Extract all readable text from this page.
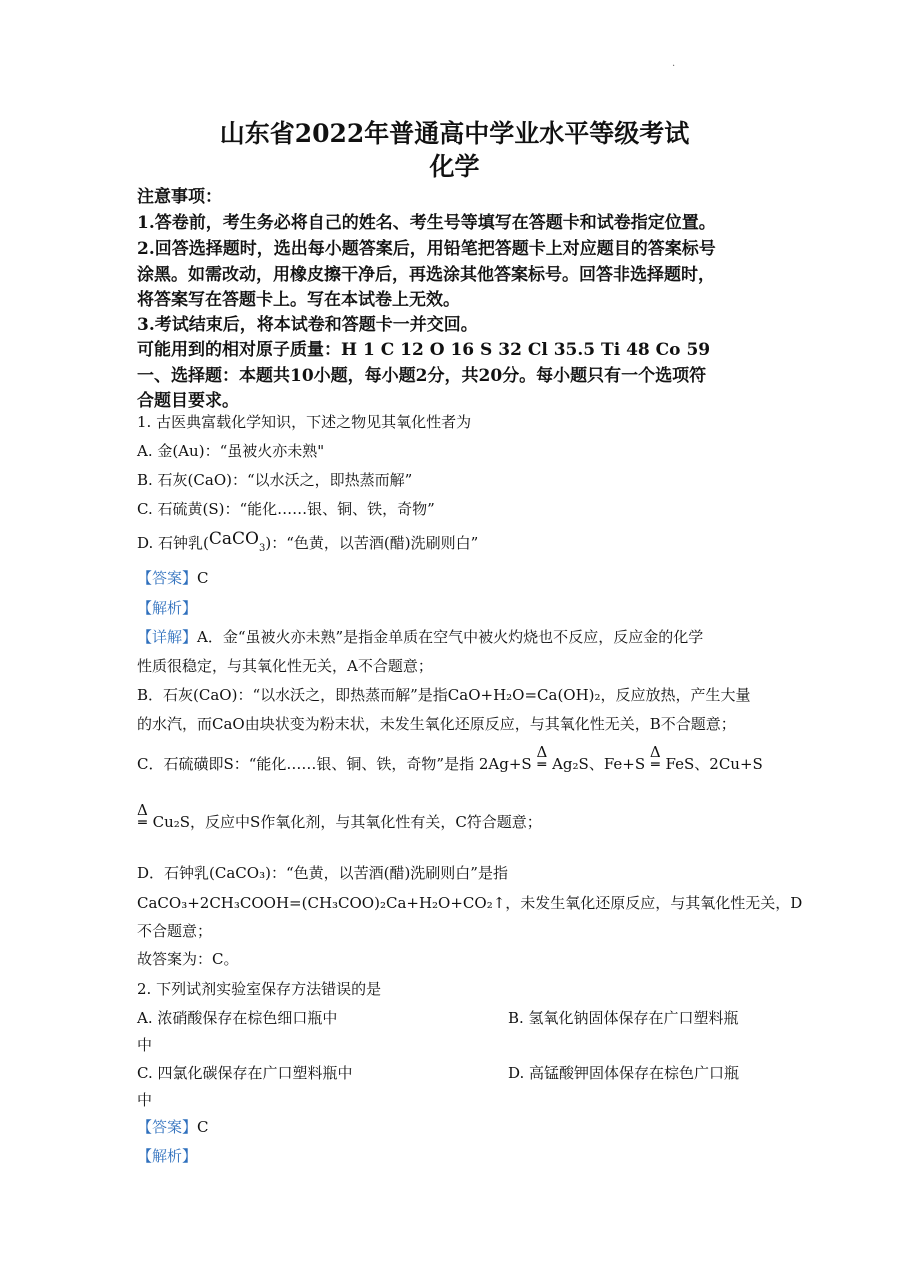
.
山东省2022年普通高中学业水平等级考试
化学
注意事项：
1.答卷前，考生务必将自己的姓名、考生号等填写在答题卡和试卷指定位置。
2.回答选择题时，选出每小题答案后，用铅笔把答题卡上对应题目的答案标号
涂黑。如需改动，用橡皮擦干净后，再选涂其他答案标号。回答非选择题时，
将答案写在答题卡上。写在本试卷上无效。
3.考试结束后，将本试卷和答题卡一并交回。
可能用到的相对原子质量：H 1 C 12 O 16 S 32 Cl 35.5 Ti 48 Co 59
一、选择题：本题共10小题，每小题2分，共20分。每小题只有一个选项符
合题目要求。
1. 古医典富载化学知识，下述之物见其氧化性者为
A. 金(Au)：“虽被火亦未熟"
B. 石灰(CaO)：“以水沃之，即热蒸而解”
C. 石硫黄(S)：“能化……银、铜、铁，奇物”
D. 石钟乳(CaCO$_3$)：“色黄，以苦酒(醋)洗刷则白”
【答案】C
【解析】
【详解】A．金“虽被火亦未熟”是指金单质在空气中被火灼烧也不反应，反应金的化学
性质很稳定，与其氧化性无关，A不合题意；
B．石灰(CaO)：“以水沃之，即热蒸而解”是指CaO+H₂O=Ca(OH)₂，反应放热，产生大量
的水汽，而CaO由块状变为粉末状，未发生氧化还原反应，与其氧化性无关，B不合题意；
C．石硫磺即S：“能化……银、铜、铁，奇物”是指 2Ag+S
Δ
═ Ag₂S、Fe+S
Δ
═ FeS、2Cu+S
Δ
═ Cu₂S，反应中S作氧化剂，与其氧化性有关，C符合题意；
D．石钟乳(CaCO₃)：“色黄，以苦酒(醋)洗刷则白”是指
CaCO₃+2CH₃COOH=(CH₃COO)₂Ca+H₂O+CO₂↑，未发生氧化还原反应，与其氧化性无关，D
不合题意；
故答案为：C。
2. 下列试剂实验室保存方法错误的是
A. 浓硝酸保存在棕色细口瓶中	B. 氢氧化钠固体保存在广口塑料瓶
中
C. 四氯化碳保存在广口塑料瓶中	D. 高锰酸钾固体保存在棕色广口瓶
中
【答案】C
【解析】
